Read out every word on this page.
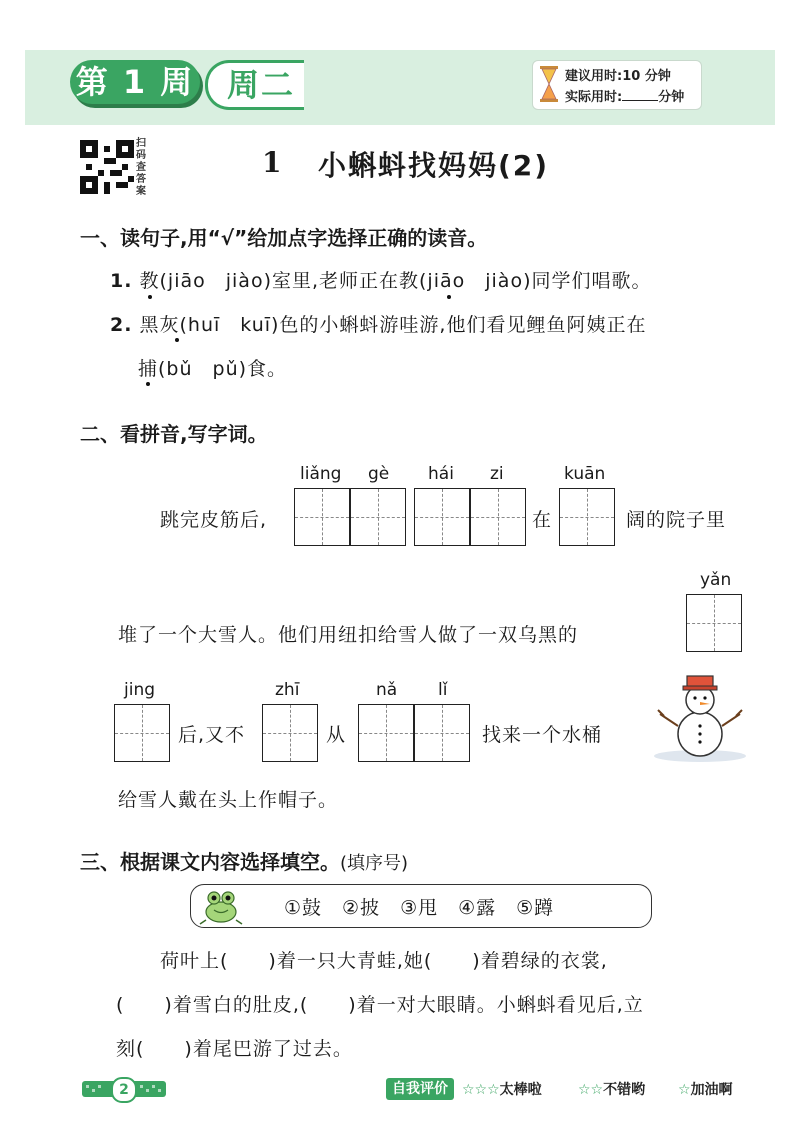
第 1 周	周二	建议用时:10 分钟
实际用时:	分钟
扫码查答案
1 小蝌蚪找妈妈(2)
一、读句子,用“√”给加点字选择正确的读音。
1. 教(jiāo　jiào)室里,老师正在教(jiāo　jiào)同学们唱歌。
2. 黑灰(huī　kuī)色的小蝌蚪游哇游,他们看见鲤鱼阿姨正在
捕(bǔ　pǔ)食。
二、看拼音,写字词。
liǎng gè hái zi	kuān
跳完皮筋后,	在	阔的院子里
yǎn
堆了一个大雪人。他们用纽扣给雪人做了一双乌黑的
jing	zhī	nǎ lǐ
后,又不	从	找来一个水桶
给雪人戴在头上作帽子。
三、根据课文内容选择填空。(填序号)
①鼓　②披　③甩　④露　⑤蹲
荷叶上(　　)着一只大青蛙,她(　　)着碧绿的衣裳,
(　　)着雪白的肚皮,(　　)着一对大眼睛。小蝌蚪看见后,立
刻(　　)着尾巴游了过去。
2	自我评价	☆☆☆太棒啦	☆☆不错哟 ☆加油啊
